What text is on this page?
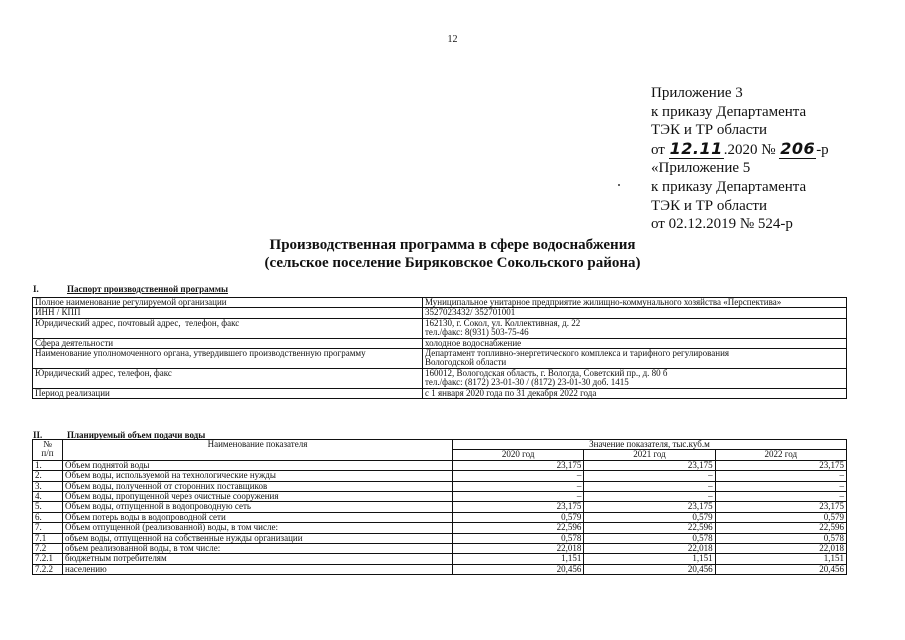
12
Приложение 3
к приказу Департамента
ТЭК и ТР области
от 12.11.2020 № 206-р
«Приложение 5
к приказу Департамента
ТЭК и ТР области
от 02.12.2019 № 524-р
Производственная программа в сфере водоснабжения
(сельское поселение Биряковское Сокольского района)
I.	Паспорт производственной программы
Полное наименование регулируемой организации	Муниципальное унитарное предприятие жилищно-коммунального хозяйства «Перспектива»
ИНН / КПП	3527023432/ 352701001
Юридический адрес, почтовый адрес,  телефон, факс	162130, г. Сокол, ул. Коллективная, д. 22
тел./факс: 8(931) 503-75-46
Сфера деятельности	холодное водоснабжение
Наименование уполномоченного органа, утвердившего производственную программу	Департамент топливно-энергетического комплекса и тарифного регулирования
Вологодской области
Юридический адрес, телефон, факс	160012, Вологодская область, г. Вологда, Советский пр., д. 80 б
тел./факс: (8172) 23-01-30 / (8172) 23-01-30 доб. 1415
Период реализации	с 1 января 2020 года по 31 декабря 2022 года
II.	Планируемый объем подачи воды
№
п/п	Наименование показателя	Значение показателя, тыс.куб.м		
		2020 год	2021 год	2022 год
1.	Объем поднятой воды	23,175	23,175	23,175
2.	Объем воды, используемой на технологические нужды	–	–	–
3.	Объем воды, полученной от сторонних поставщиков	–	–	–
4.	Объем воды, пропущенной через очистные сооружения	–	–	–
5.	Объем воды, отпущенной в водопроводную сеть	23,175	23,175	23,175
6.	Объем потерь воды в водопроводной сети	0,579	0,579	0,579
7.	Объем отпущенной (реализованной) воды, в том числе:	22,596	22,596	22,596
7.1	объем воды, отпущенной на собственные нужды организации	0,578	0,578	0,578
7.2	объем реализованной воды, в том числе:	22,018	22,018	22,018
7.2.1	бюджетным потребителям	1,151	1,151	1,151
7.2.2	населению	20,456	20,456	20,456
